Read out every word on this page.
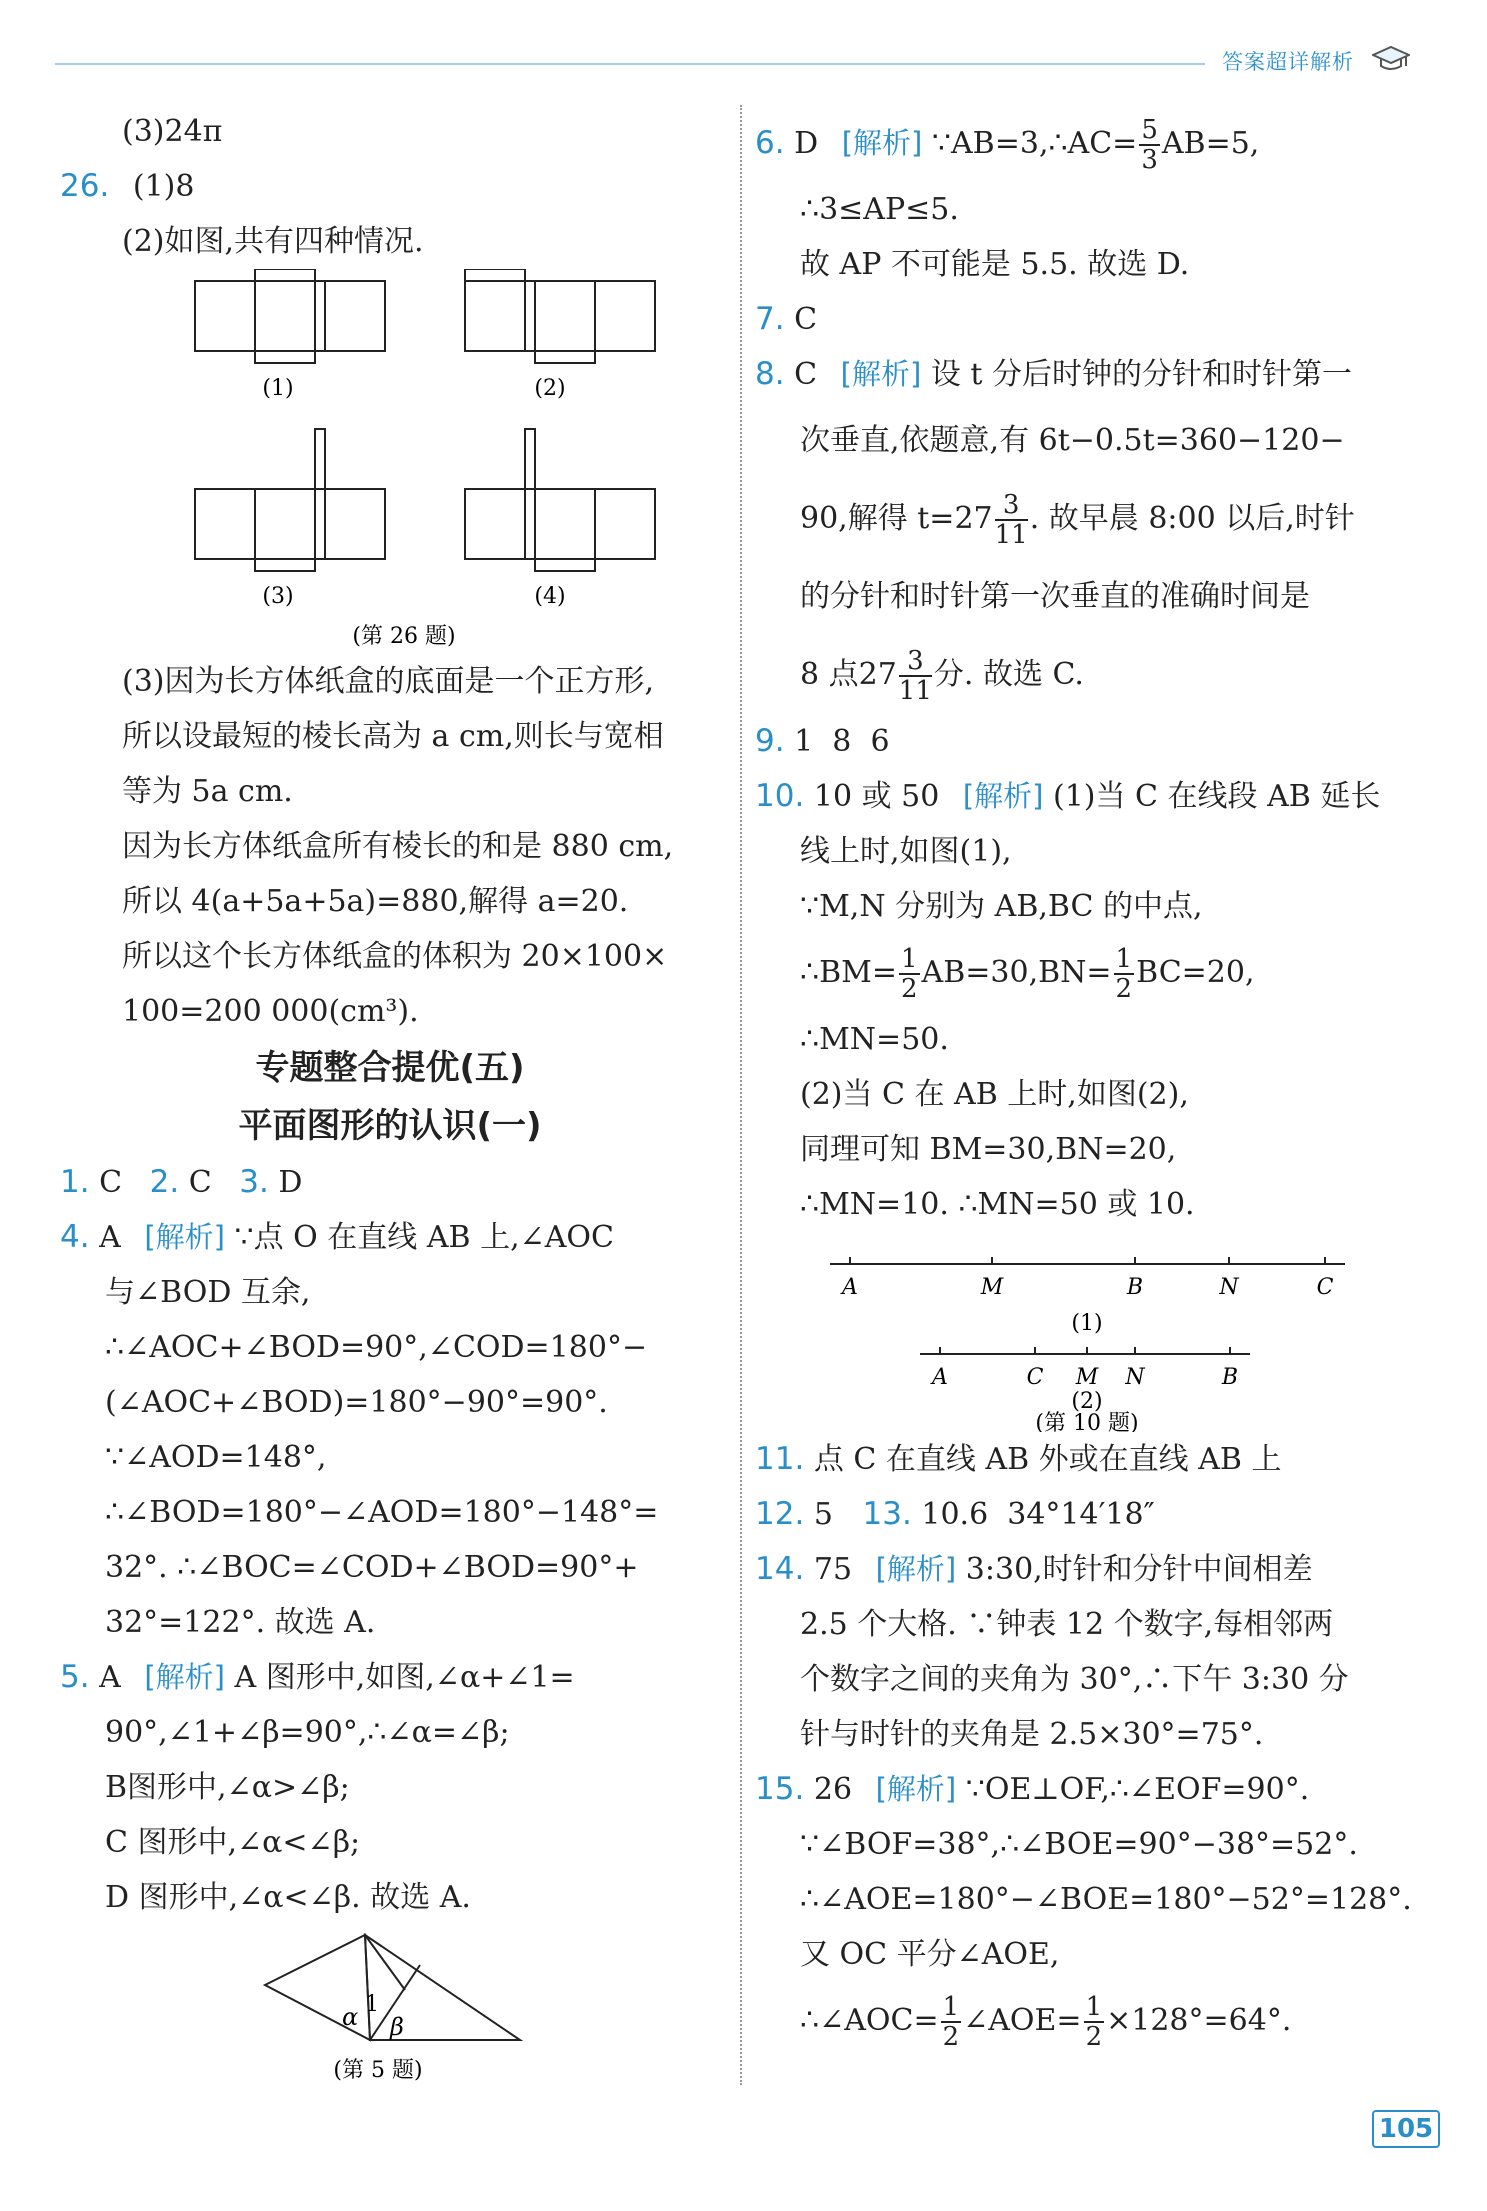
答案超详解析
(3)24π
26. (1)8
(2)如图,共有四种情况.
(1)	(2)
(3)	(4)
(第 26 题)
(3)因为长方体纸盒的底面是一个正方形,
所以设最短的棱长高为 a cm,则长与宽相
等为 5a cm.
因为长方体纸盒所有棱长的和是 880 cm,
所以 4(a+5a+5a)=880,解得 a=20.
所以这个长方体纸盒的体积为 20×100×
100=200 000(cm³).
专题整合提优(五)
平面图形的认识(一)
1. C 2. C 3. D
4. A [解析] ∵点 O 在直线 AB 上,∠AOC
与∠BOD 互余,
∴∠AOC+∠BOD=90°,∠COD=180°−
(∠AOC+∠BOD)=180°−90°=90°.
∵∠AOD=148°,
∴∠BOD=180°−∠AOD=180°−148°=
32°. ∴∠BOC=∠COD+∠BOD=90°+
32°=122°. 故选 A.
5. A [解析] A 图形中,如图,∠α+∠1=
90°,∠1+∠β=90°,∴∠α=∠β;
B图形中,∠α>∠β;
C 图形中,∠α<∠β;
D 图形中,∠α<∠β. 故选 A.
α 1
β
(第 5 题)
6. D [解析] ∵AB=3,∴AC= $\frac{5}{3} AB=5$,
∴3≤AP≤5.
故 AP 不可能是 5.5. 故选 D.
7. C
8. C [解析] 设 t 分后时钟的分针和时针第一
次垂直,依题意,有 6t−0.5t=360−120−
90,解得 $t=27 \frac{3}{11}$ . 故早晨 8:00 以后,时针
的分针和时针第一次垂直的准确时间是
8 点$27 \frac{3}{11}$ 分. 故选 C.
9. 1  8  6
10. 10 或 50 [解析] (1)当 C 在线段 AB 延长
线上时,如图(1),
∵M,N 分别为 AB,BC 的中点,
∴BM= $\frac{1}{2} AB=30,BN= \frac{1}{2} BC=20$,
∴MN=50.
(2)当 C 在 AB 上时,如图(2),
同理可知 BM=30,BN=20,
∴MN=10. ∴MN=50 或 10.
A	M	B	N	C
A	C M N	B
(1)
(2)
(第 10 题)
11. 点 C 在直线 AB 外或在直线 AB 上
12. 5 13. 10.6  34°14′18″
14. 75 [解析] 3:30,时针和分针中间相差
2.5 个大格. ∵钟表 12 个数字,每相邻两
个数字之间的夹角为 30°,∴下午 3:30 分
针与时针的夹角是 2.5×30°=75°.
15. 26 [解析] ∵OE⊥OF,∴∠EOF=90°.
∵∠BOF=38°,∴∠BOE=90°−38°=52°.
∴∠AOE=180°−∠BOE=180°−52°=128°.
又 OC 平分∠AOE,
∴∠AOC= $\frac{1}{2}$ ∠AOE= $\frac{1}{2} \times 128^\circ=64^\circ$.
105
